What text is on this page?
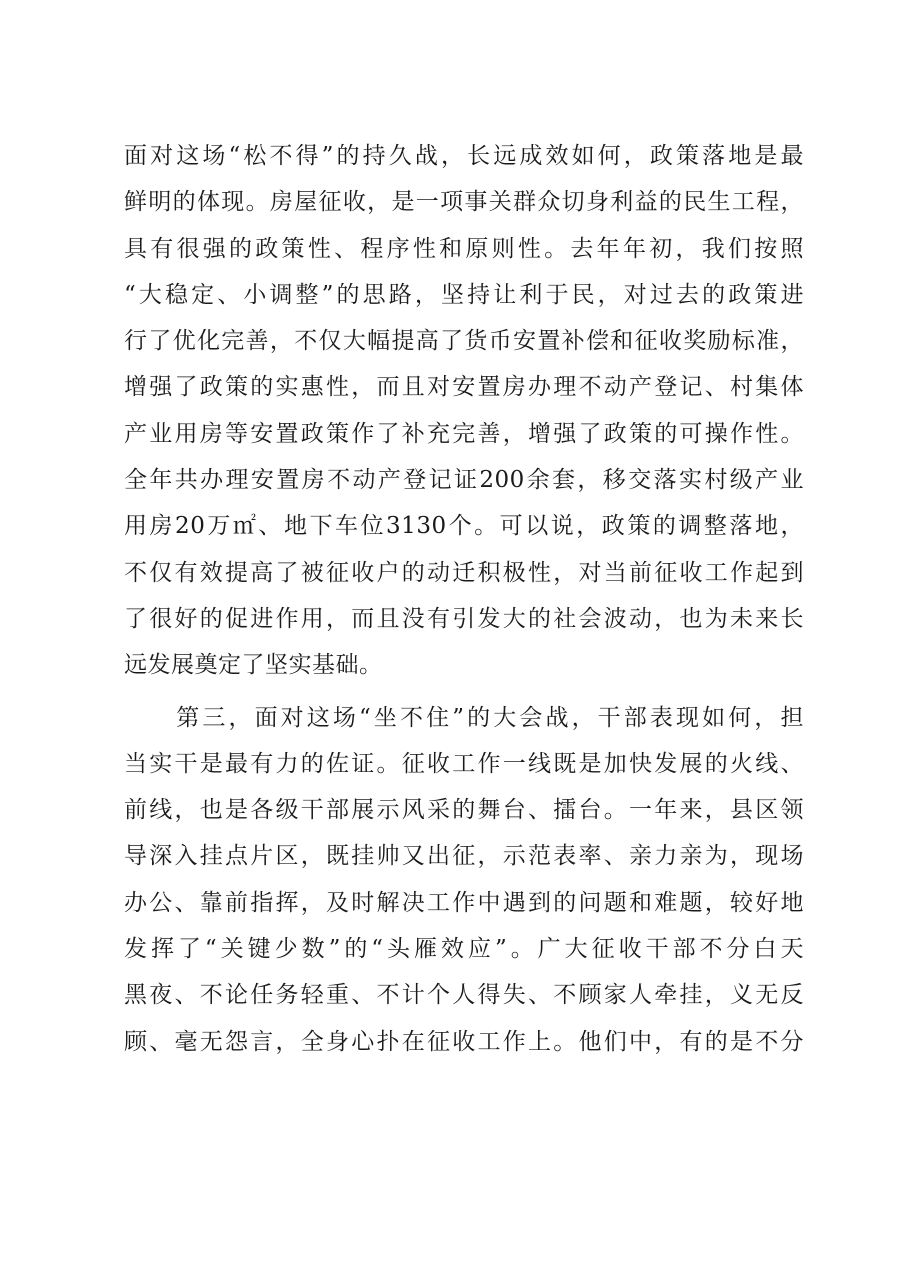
面对这场“松不得”的持久战，长远成效如何，政策落地是最
鲜明的体现。房屋征收，是一项事关群众切身利益的民生工程，
具有很强的政策性、程序性和原则性。去年年初，我们按照
“大稳定、小调整”的思路，坚持让利于民，对过去的政策进
行了优化完善，不仅大幅提高了货币安置补偿和征收奖励标准，
增强了政策的实惠性，而且对安置房办理不动产登记、村集体
产业用房等安置政策作了补充完善，增强了政策的可操作性。
全年共办理安置房不动产登记证200余套，移交落实村级产业
用房20万㎡、地下车位3130个。可以说，政策的调整落地，
不仅有效提高了被征收户的动迁积极性，对当前征收工作起到
了很好的促进作用，而且没有引发大的社会波动，也为未来长
远发展奠定了坚实基础。
　　第三，面对这场“坐不住”的大会战，干部表现如何，担
当实干是最有力的佐证。征收工作一线既是加快发展的火线、
前线，也是各级干部展示风采的舞台、擂台。一年来，县区领
导深入挂点片区，既挂帅又出征，示范表率、亲力亲为，现场
办公、靠前指挥，及时解决工作中遇到的问题和难题，较好地
发挥了“关键少数”的“头雁效应”。广大征收干部不分白天
黑夜、不论任务轻重、不计个人得失、不顾家人牵挂，义无反
顾、毫无怨言，全身心扑在征收工作上。他们中，有的是不分
